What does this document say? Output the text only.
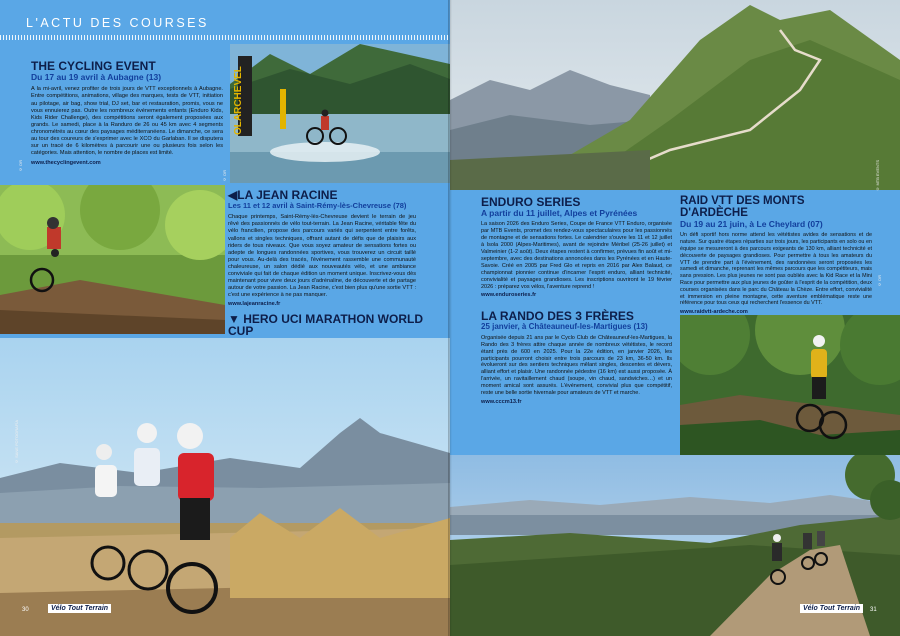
L'ACTU DES COURSES
THE CYCLING EVENT
Du 17 au 19 avril à Aubagne (13)
A la mi-avril, venez profiter de trois jours de VTT exceptionnels à Aubagne. Entre compétitions, animations, village des marques, tests de VTT, initiation au pilotage, air bag, show trial, DJ set, bar et restauration, promis, vous ne vous ennuierez pas. Outre les nombreux événements enfants (Enduro Kids, Kids Rider Challenge), des compétitions seront également proposées aux grands. Le samedi, place à la Randuro de 26 ou 45 km avec 4 segments chronométrés au cœur des paysages méditerranéens. Le dimanche, ce sera au tour des coureurs de s'exprimer avec le XCO du Garlaban. Il se disputera sur un tracé de 6 kilomètres à parcourir une ou plusieurs fois selon les catégories. Mais attention, le nombre de places est limité.
www.thecyclingevent.com
© DR
OLARCHEVEL
© DR
◀LA JEAN RACINE
Les 11 et 12 avril à Saint-Rémy-lès-Chevreuse (78)
Chaque printemps, Saint-Rémy-lès-Chevreuse devient le terrain de jeu rêvé des passionnés de vélo tout-terrain. La Jean Racine, véritable fête du vélo francilien, propose des parcours variés qui serpentent entre forêts, vallons et singles techniques, offrant autant de défis que de plaisirs aux riders de tous niveaux. Que vous soyez amateur de sensations fortes ou adepte de longues randonnées sportives, vous trouverez un circuit taillé pour vous. Au-delà des tracés, l'événement rassemble une communauté chaleureuse, un salon dédié aux nouveautés vélo, et une ambiance conviviale qui fait de chaque édition un moment unique. Inscrivez-vous dès maintenant pour vivre deux jours d'adrénaline, de découverte et de partage autour de votre passion. La Jean Racine, c'est bien plus qu'une sortie VTT : c'est une expérience à ne pas manquer.
www.lajeanracine.fr
▼ HERO UCI MARATHON WORLD CUP
© SANE FOTOGRAFÍA
Vélo Tout Terrain
30
© MTB EVENTS
ENDURO SERIES
A partir du 11 juillet, Alpes et Pyrénées
La saison 2026 des Enduro Series, Coupe de France VTT Enduro, organisée par MTB Events, promet des rendez-vous spectaculaires pour les passionnés de montagne et de sensations fortes. Le calendrier s'ouvre les 11 et 12 juillet à Isola 2000 (Alpes-Maritimes), avant de rejoindre Méribel (25-26 juillet) et Valmeinier (1-2 août). Deux étapes restent à confirmer, prévues fin août et mi-septembre, avec des destinations annoncées dans les Pyrénées et en Haute-Savoie. Créé en 2005 par Fred Glo et repris en 2016 par Alex Balaud, ce championnat pionnier continue d'incarner l'esprit enduro, alliant technicité, convivialité et paysages grandioses. Les inscriptions ouvriront le 19 février 2026 : préparez vos vélos, l'aventure reprend !
www.enduroseries.fr
LA RANDO DES 3 FRÈRES
25 janvier, à Châteauneuf-les-Martigues (13)
Organisée depuis 21 ans par le Cyclo Club de Châteauneuf-les-Martigues, la Rando des 3 frères attire chaque année de nombreux vététistes, le record étant près de 600 en 2025. Pour la 22e édition, en janvier 2026, les participants pourront choisir entre trois parcours de 23 km, 36-50 km. Ils évolueront sur des sentiers techniques mêlant singles, descentes et dévers, alliant effort et plaisir. Une randonnée pédestre (16 km) est aussi proposée. À l'arrivée, un ravitaillement chaud (soupe, vin chaud, sandwiches…) et un moment amical sont assurés. L'événement, convivial plus que compétitif, reste une belle sortie hivernale pour amateurs de VTT et marche.
www.cccm13.fr
RAID VTT DES MONTS D'ARDÈCHE
Du 19 au 21 juin, à Le Cheylard (07)
Un défi sportif hors norme attend les vététistes avides de sensations et de nature. Sur quatre étapes réparties sur trois jours, les participants en solo ou en équipe se mesureront à des parcours exigeants de 130 km, alliant technicité et découverte de paysages grandioses. Pour permettre à tous les amateurs du VTT de prendre part à l'événement, des randonnées seront proposées les samedi et dimanche, reprenant les mêmes parcours que les compétiteurs, mais sans pression. Les plus jeunes ne sont pas oubliés avec la Kid Race et la Mini Race pour permettre aux plus jeunes de goûter à l'esprit de la compétition, deux courses organisées dans le parc du Château la Chèze. Entre effort, convivialité et immersion en pleine montagne, cette aventure emblématique reste une référence pour tous ceux qui recherchent l'essence du VTT.
www.raidvtt-ardeche.com
© DR
Vélo Tout Terrain	31
